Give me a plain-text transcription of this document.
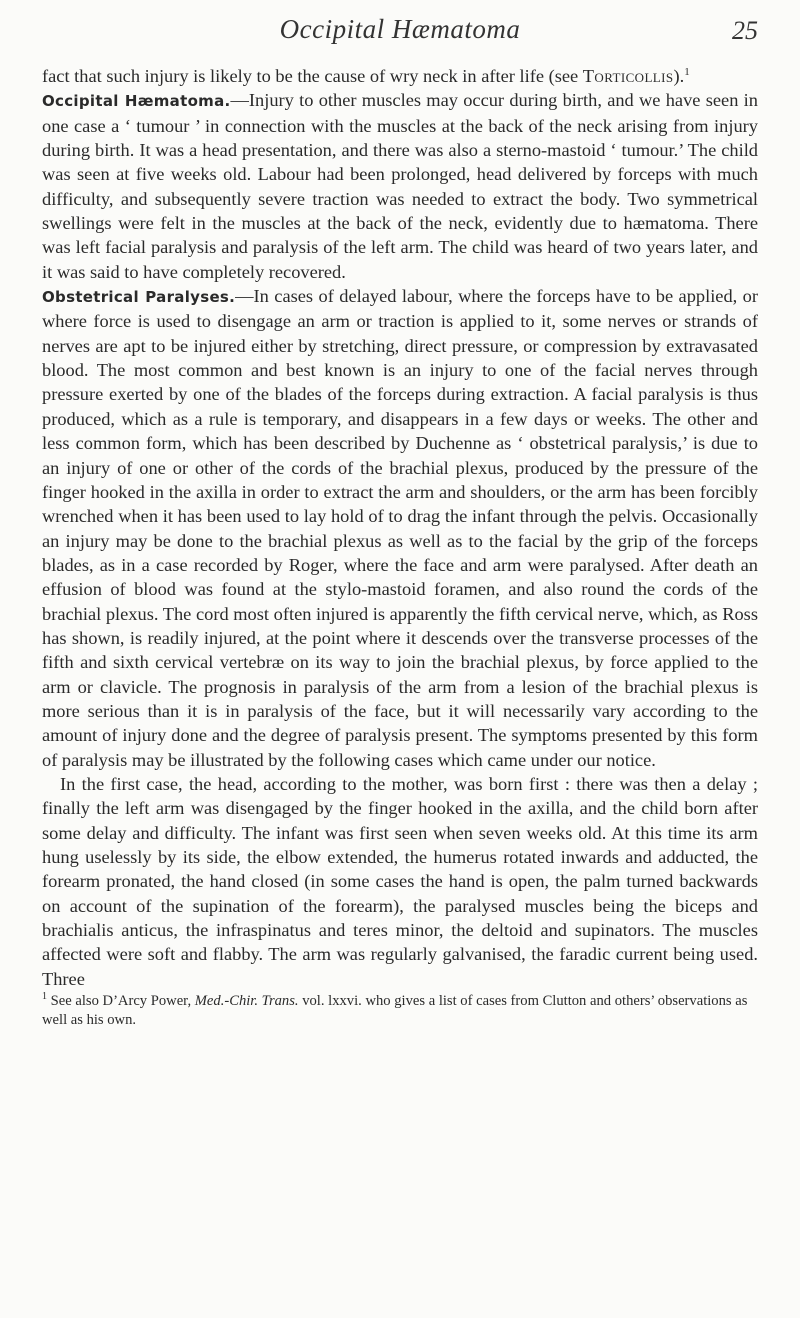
Occipital Hæmatoma	25

fact that such injury is likely to be the cause of wry neck in after life (see Torticollis).$^1$

Occipital Hæmatoma.—Injury to other muscles may occur during birth, and we have seen in one case a ‘ tumour ’ in connection with the muscles at the back of the neck arising from injury during birth. It was a head presentation, and there was also a sterno-mastoid ‘ tumour.’ The child was seen at five weeks old. Labour had been prolonged, head delivered by forceps with much difficulty, and subsequently severe traction was needed to extract the body. Two symmetrical swellings were felt in the muscles at the back of the neck, evidently due to hæmatoma. There was left facial paralysis and paralysis of the left arm. The child was heard of two years later, and it was said to have completely recovered.

Obstetrical Paralyses.—In cases of delayed labour, where the forceps have to be applied, or where force is used to disengage an arm or traction is applied to it, some nerves or strands of nerves are apt to be injured either by stretching, direct pressure, or compression by extravasated blood. The most common and best known is an injury to one of the facial nerves through pressure exerted by one of the blades of the forceps during extraction. A facial paralysis is thus produced, which as a rule is temporary, and disappears in a few days or weeks. The other and less common form, which has been described by Duchenne as ‘ obstetrical paralysis,’ is due to an injury of one or other of the cords of the brachial plexus, produced by the pressure of the finger hooked in the axilla in order to extract the arm and shoulders, or the arm has been forcibly wrenched when it has been used to lay hold of to drag the infant through the pelvis. Occasionally an injury may be done to the brachial plexus as well as to the facial by the grip of the forceps blades, as in a case recorded by Roger, where the face and arm were paralysed. After death an effusion of blood was found at the stylo-mastoid foramen, and also round the cords of the brachial plexus. The cord most often injured is apparently the fifth cervical nerve, which, as Ross has shown, is readily injured, at the point where it descends over the transverse processes of the fifth and sixth cervical vertebræ on its way to join the brachial plexus, by force applied to the arm or clavicle. The prognosis in paralysis of the arm from a lesion of the brachial plexus is more serious than it is in paralysis of the face, but it will necessarily vary according to the amount of injury done and the degree of paralysis present. The symptoms presented by this form of paralysis may be illustrated by the following cases which came under our notice.

In the first case, the head, according to the mother, was born first : there was then a delay ; finally the left arm was disengaged by the finger hooked in the axilla, and the child born after some delay and difficulty. The infant was first seen when seven weeks old. At this time its arm hung uselessly by its side, the elbow extended, the humerus rotated inwards and adducted, the forearm pronated, the hand closed (in some cases the hand is open, the palm turned backwards on account of the supination of the forearm), the paralysed muscles being the biceps and brachialis anticus, the infraspinatus and teres minor, the deltoid and supinators. The muscles affected were soft and flabby. The arm was regularly galvanised, the faradic current being used. Three

$^1$ See also D’Arcy Power, Med.-Chir. Trans. vol. lxxvi. who gives a list of cases from Clutton and others’ observations as well as his own.
